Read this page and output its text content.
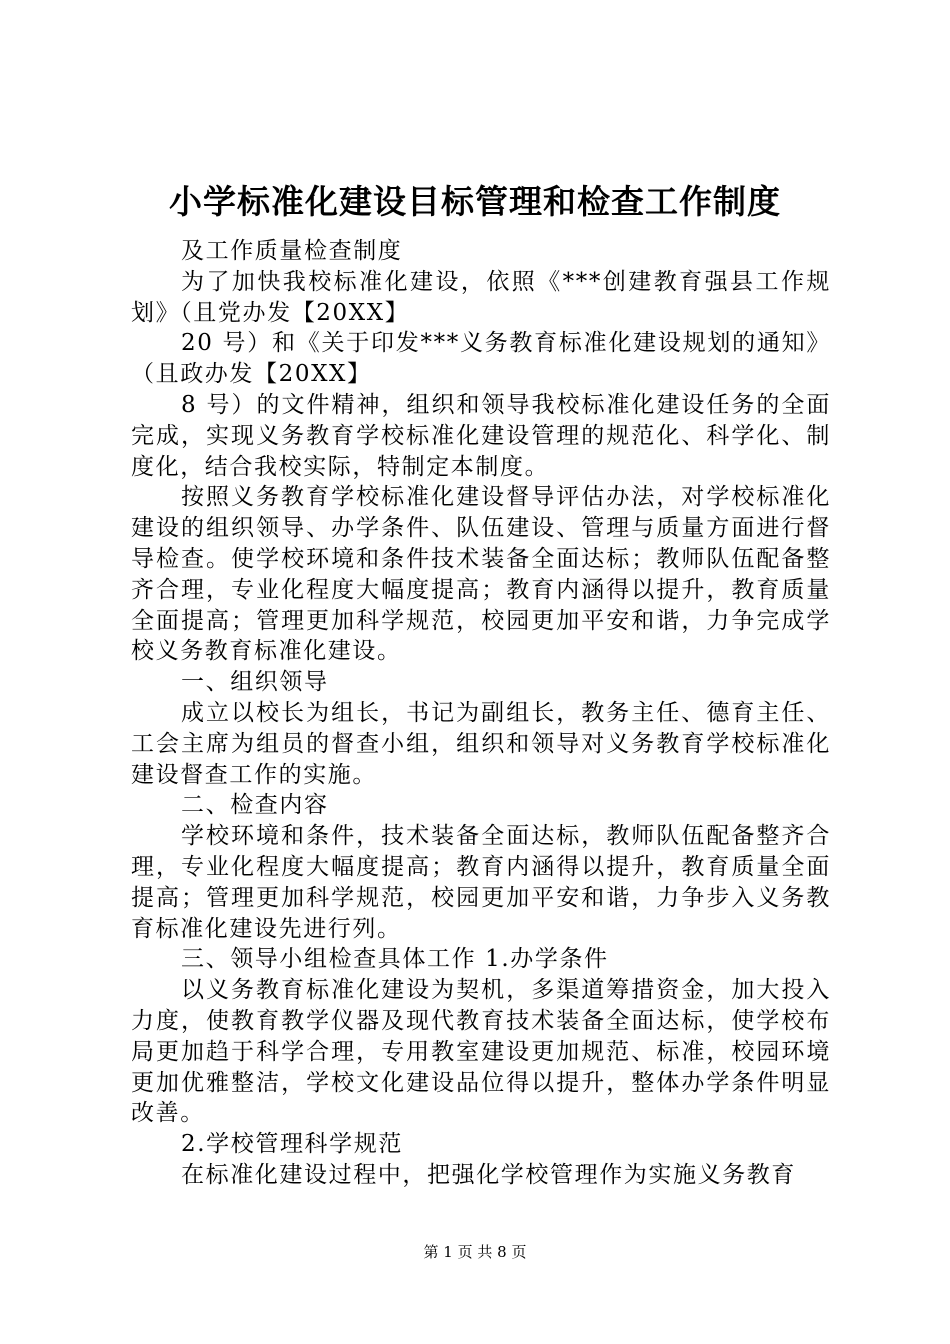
小学标准化建设目标管理和检查工作制度

及工作质量检查制度

为了加快我校标准化建设，依照《***创建教育强县工作规划》（且党办发【20XX】

20 号）和《关于印发***义务教育标准化建设规划的通知》（且政办发【20XX】

8 号）的文件精神，组织和领导我校标准化建设任务的全面完成，实现义务教育学校标准化建设管理的规范化、科学化、制度化，结合我校实际，特制定本制度。

按照义务教育学校标准化建设督导评估办法，对学校标准化建设的组织领导、办学条件、队伍建设、管理与质量方面进行督导检查。使学校环境和条件技术装备全面达标；教师队伍配备整齐合理，专业化程度大幅度提高；教育内涵得以提升，教育质量全面提高；管理更加科学规范，校园更加平安和谐，力争完成学校义务教育标准化建设。

一、组织领导

成立以校长为组长，书记为副组长，教务主任、德育主任、工会主席为组员的督查小组，组织和领导对义务教育学校标准化建设督查工作的实施。

二、检查内容

学校环境和条件，技术装备全面达标，教师队伍配备整齐合理，专业化程度大幅度提高；教育内涵得以提升，教育质量全面提高；管理更加科学规范，校园更加平安和谐，力争步入义务教育标准化建设先进行列。

三、领导小组检查具体工作 1.办学条件

以义务教育标准化建设为契机，多渠道筹措资金，加大投入力度，使教育教学仪器及现代教育技术装备全面达标，使学校布局更加趋于科学合理，专用教室建设更加规范、标准，校园环境更加优雅整洁，学校文化建设品位得以提升，整体办学条件明显改善。

2.学校管理科学规范

在标准化建设过程中，把强化学校管理作为实施义务教育

第 1 页 共 8 页
